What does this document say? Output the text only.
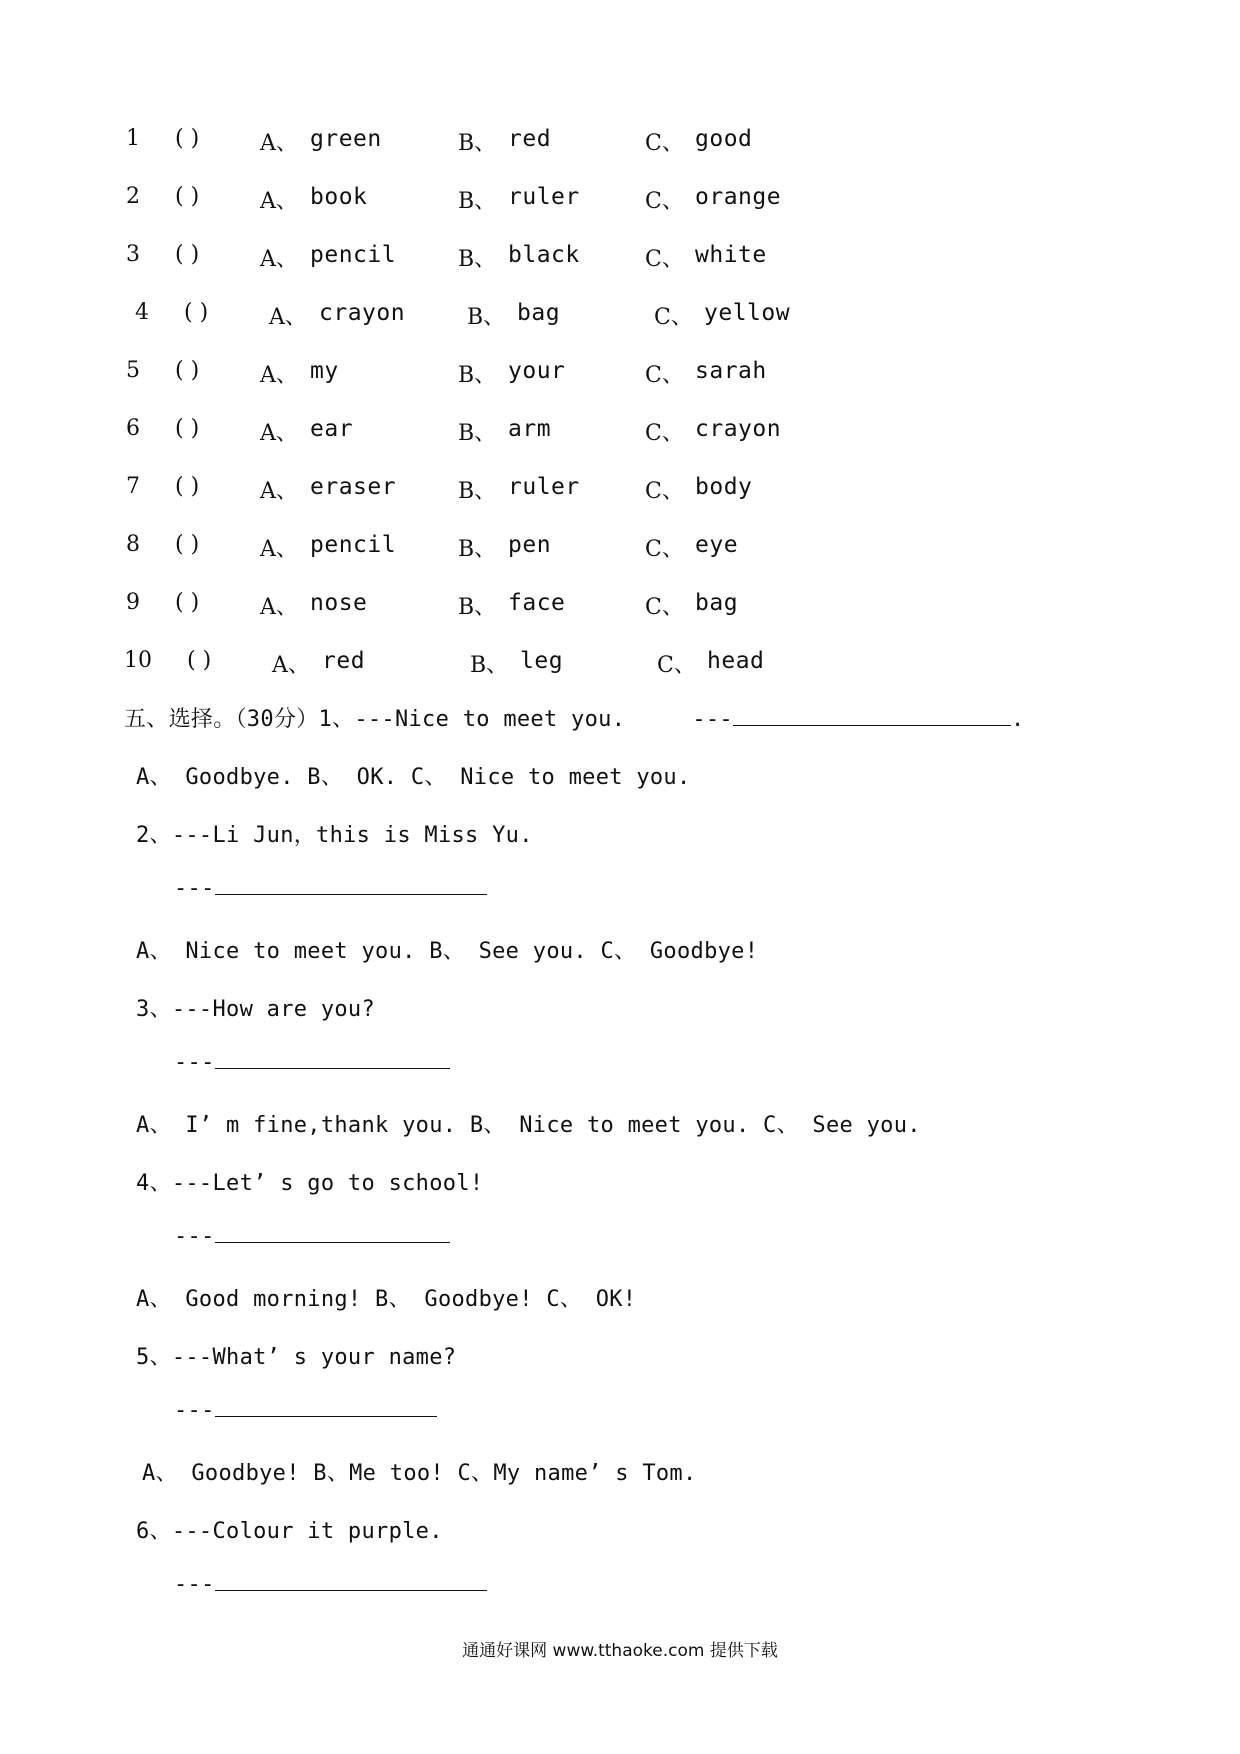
1 ( )	A、 green	B、 red	C、 good
2 ( )	A、 book	B、 ruler	C、 orange
3 ( )	A、 pencil	B、 black	C、 white
4 ( )	A、 crayon	B、 bag	C、 yellow
5 ( )	A、 my	B、 your	C、 sarah
6 ( )	A、 ear	B、 arm	C、 crayon
7 ( )	A、 eraser	B、 ruler	C、 body
8 ( )	A、 pencil	B、 pen	C、 eye
9 ( )	A、 nose	B、 face	C、 bag
10 ( )	A、 red	B、 leg	C、 head
五、选择。（30分）1、---Nice to meet you.	---	.
A、 Goodbye. B、 OK. C、 Nice to meet you.
2、---Li Jun，this is Miss Yu.
---
A、 Nice to meet you. B、 See you. C、 Goodbye!
3、---How are you?
---
A、 I’ m fine,thank you. B、 Nice to meet you. C、 See you.
4、---Let’ s go to school!
---
A、 Good morning! B、 Goodbye! C、 OK!
5、---What’ s your name?
---
A、 Goodbye! B、Me too! C、My name’ s Tom.
6、---Colour it purple.
---
通通好课网 www.tthaoke.com 提供下载
